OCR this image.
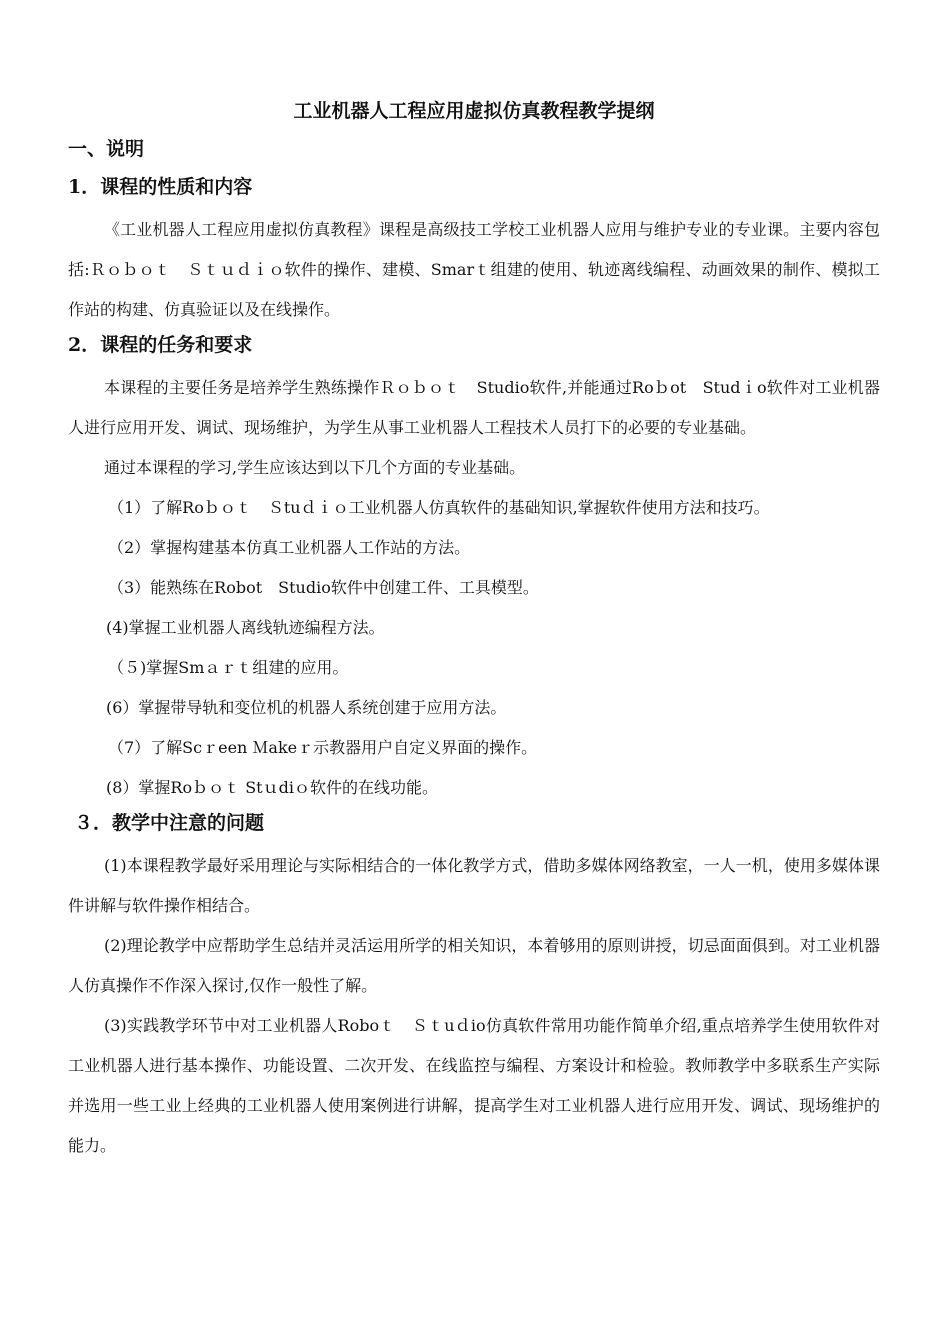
工业机器人工程应用虚拟仿真教程教学提纲
一、说明
1．课程的性质和内容

《工业机器人工程应用虚拟仿真教程》课程是高级技工学校工业机器人应用与维护专业的专业课。主要内容包括:Ｒｏｂｏｔ　Ｓｔｕｄｉｏ软件的操作、建模、Smarｔ组建的使用、轨迹离线编程、动画效果的制作、模拟工作站的构建、仿真验证以及在线操作。

2．课程的任务和要求

本课程的主要任务是培养学生熟练操作Ｒｏｂｏｔ　Studio软件,并能通过Roｂot　Studｉo软件对工业机器人进行应用开发、调试、现场维护，为学生从事工业机器人工程技术人员打下的必要的专业基础。

通过本课程的学习,学生应该达到以下几个方面的专业基础。

（1）了解Roｂｏｔ　Ｓtuｄｉｏ工业机器人仿真软件的基础知识,掌握软件使用方法和技巧。

（2）掌握构建基本仿真工业机器人工作站的方法。

（3）能熟练在Robot　Studio软件中创建工件、工具模型。

(4)掌握工业机器人离线轨迹编程方法。

（５)掌握Smａｒｔ组建的应用。

(6）掌握带导轨和变位机的机器人系统创建于应用方法。

（7）了解Scｒeen Ｍakeｒ示教器用户自定义界面的操作。

(8）掌握Roｂｏｔ Stｕdiｏ软件的在线功能。

３．教学中注意的问题

(1)本课程教学最好采用理论与实际相结合的一体化教学方式，借助多媒体网络教室，一人一机，使用多媒体课件讲解与软件操作相结合。

(2)理论教学中应帮助学生总结并灵活运用所学的相关知识，本着够用的原则讲授，切忌面面俱到。对工业机器人仿真操作不作深入探讨,仅作一般性了解。

(3)实践教学环节中对工业机器人Roboｔ　Ｓｔuｄio仿真软件常用功能作简单介绍,重点培养学生使用软件对工业机器人进行基本操作、功能设置、二次开发、在线监控与编程、方案设计和检验。教师教学中多联系生产实际并选用一些工业上经典的工业机器人使用案例进行讲解，提高学生对工业机器人进行应用开发、调试、现场维护的能力。
